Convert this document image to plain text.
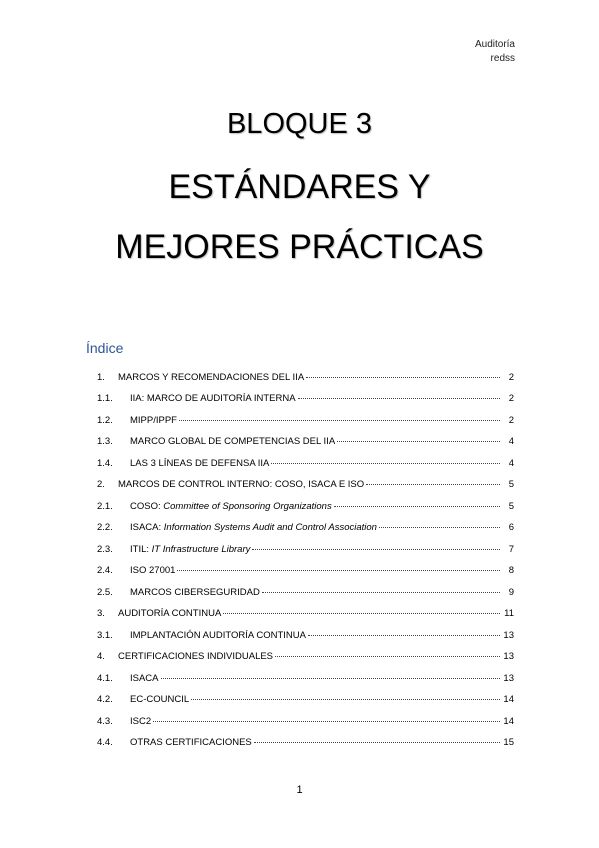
Auditoría
redss
BLOQUE 3
ESTÁNDARES Y
MEJORES PRÁCTICAS
Índice
1.	MARCOS Y RECOMENDACIONES DEL IIA	2
1.1.	IIA: MARCO DE AUDITORÍA INTERNA	2
1.2.	MIPP/IPPF	2
1.3.	MARCO GLOBAL DE COMPETENCIAS DEL IIA	4
1.4.	LAS 3 LÍNEAS DE DEFENSA IIA	4
2.	MARCOS DE CONTROL INTERNO: COSO, ISACA E ISO	5
2.1.	COSO: Committee of Sponsoring Organizations	5
2.2.	ISACA: Information Systems Audit and Control Association	6
2.3.	ITIL: IT Infrastructure Library	7
2.4.	ISO 27001	8
2.5.	MARCOS CIBERSEGURIDAD	9
3.	AUDITORÍA CONTINUA	11
3.1.	IMPLANTACIÓN AUDITORÍA CONTINUA	13
4.	CERTIFICACIONES INDIVIDUALES	13
4.1.	ISACA	13
4.2.	EC-COUNCIL	14
4.3.	ISC2	14
4.4.	OTRAS CERTIFICACIONES	15
1
